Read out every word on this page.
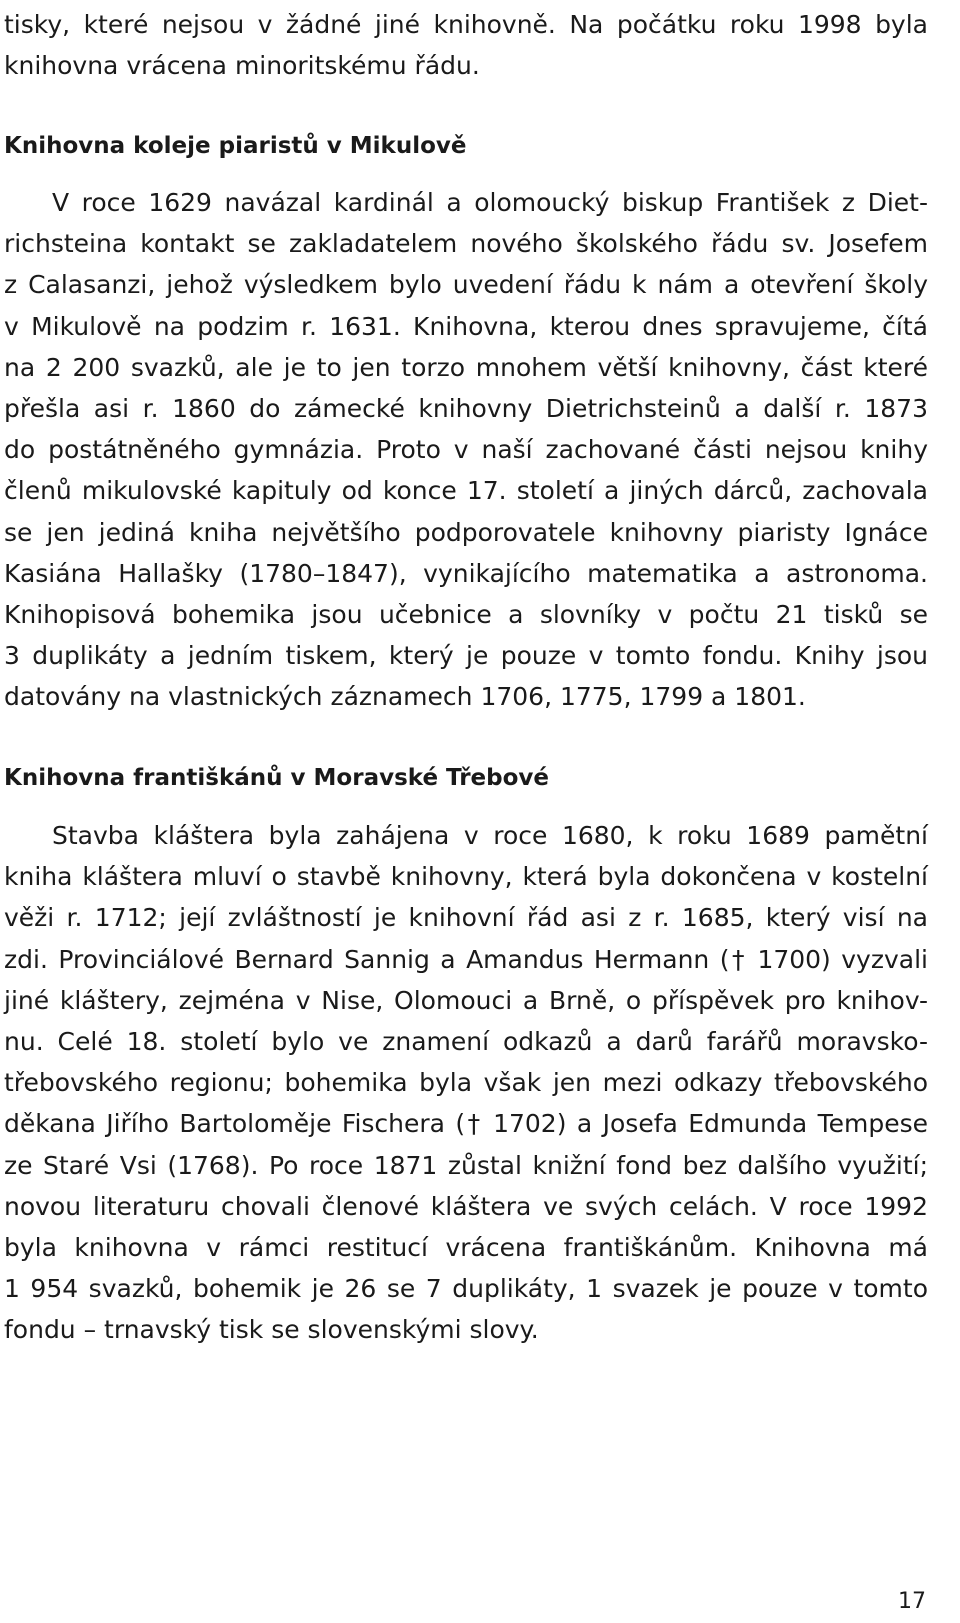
tisky, které nejsou v žádné jiné knihovně. Na počátku roku 1998 byla
knihovna vrácena minoritskému řádu.
Knihovna koleje piaristů v Mikulově
V roce 1629 navázal kardinál a olomoucký biskup František z Diet-
richsteina kontakt se zakladatelem nového školského řádu sv. Josefem
z Calasanzi, jehož výsledkem bylo uvedení řádu k nám a otevření školy
v Mikulově na podzim r. 1631. Knihovna, kterou dnes spravujeme, čítá
na 2 200 svazků, ale je to jen torzo mnohem větší knihovny, část které
přešla asi r. 1860 do zámecké knihovny Dietrichsteinů a další r. 1873
do postátněného gymnázia. Proto v naší zachované části nejsou knihy
členů mikulovské kapituly od konce 17. století a jiných dárců, zachovala
se jen jediná kniha největšího podporovatele knihovny piaristy Ignáce
Kasiána Hallašky (1780–1847), vynikajícího matematika a astronoma.
Knihopisová bohemika jsou učebnice a slovníky v počtu 21 tisků se
3 duplikáty a jedním tiskem, který je pouze v tomto fondu. Knihy jsou
datovány na vlastnických záznamech 1706, 1775, 1799 a 1801.
Knihovna františkánů v Moravské Třebové
Stavba kláštera byla zahájena v roce 1680, k roku 1689 pamětní
kniha kláštera mluví o stavbě knihovny, která byla dokončena v kostelní
věži r. 1712; její zvláštností je knihovní řád asi z r. 1685, který visí na
zdi. Provinciálové Bernard Sannig a Amandus Hermann († 1700) vyzvali
jiné kláštery, zejména v Nise, Olomouci a Brně, o příspěvek pro knihov-
nu. Celé 18. století bylo ve znamení odkazů a darů farářů moravsko-
třebovského regionu; bohemika byla však jen mezi odkazy třebovského
děkana Jiřího Bartoloměje Fischera († 1702) a Josefa Edmunda Tempese
ze Staré Vsi (1768). Po roce 1871 zůstal knižní fond bez dalšího využití;
novou literaturu chovali členové kláštera ve svých celách. V roce 1992
byla knihovna v rámci restitucí vrácena františkánům. Knihovna má
1 954 svazků, bohemik je 26 se 7 duplikáty, 1 svazek je pouze v tomto
fondu – trnavský tisk se slovenskými slovy.
17
